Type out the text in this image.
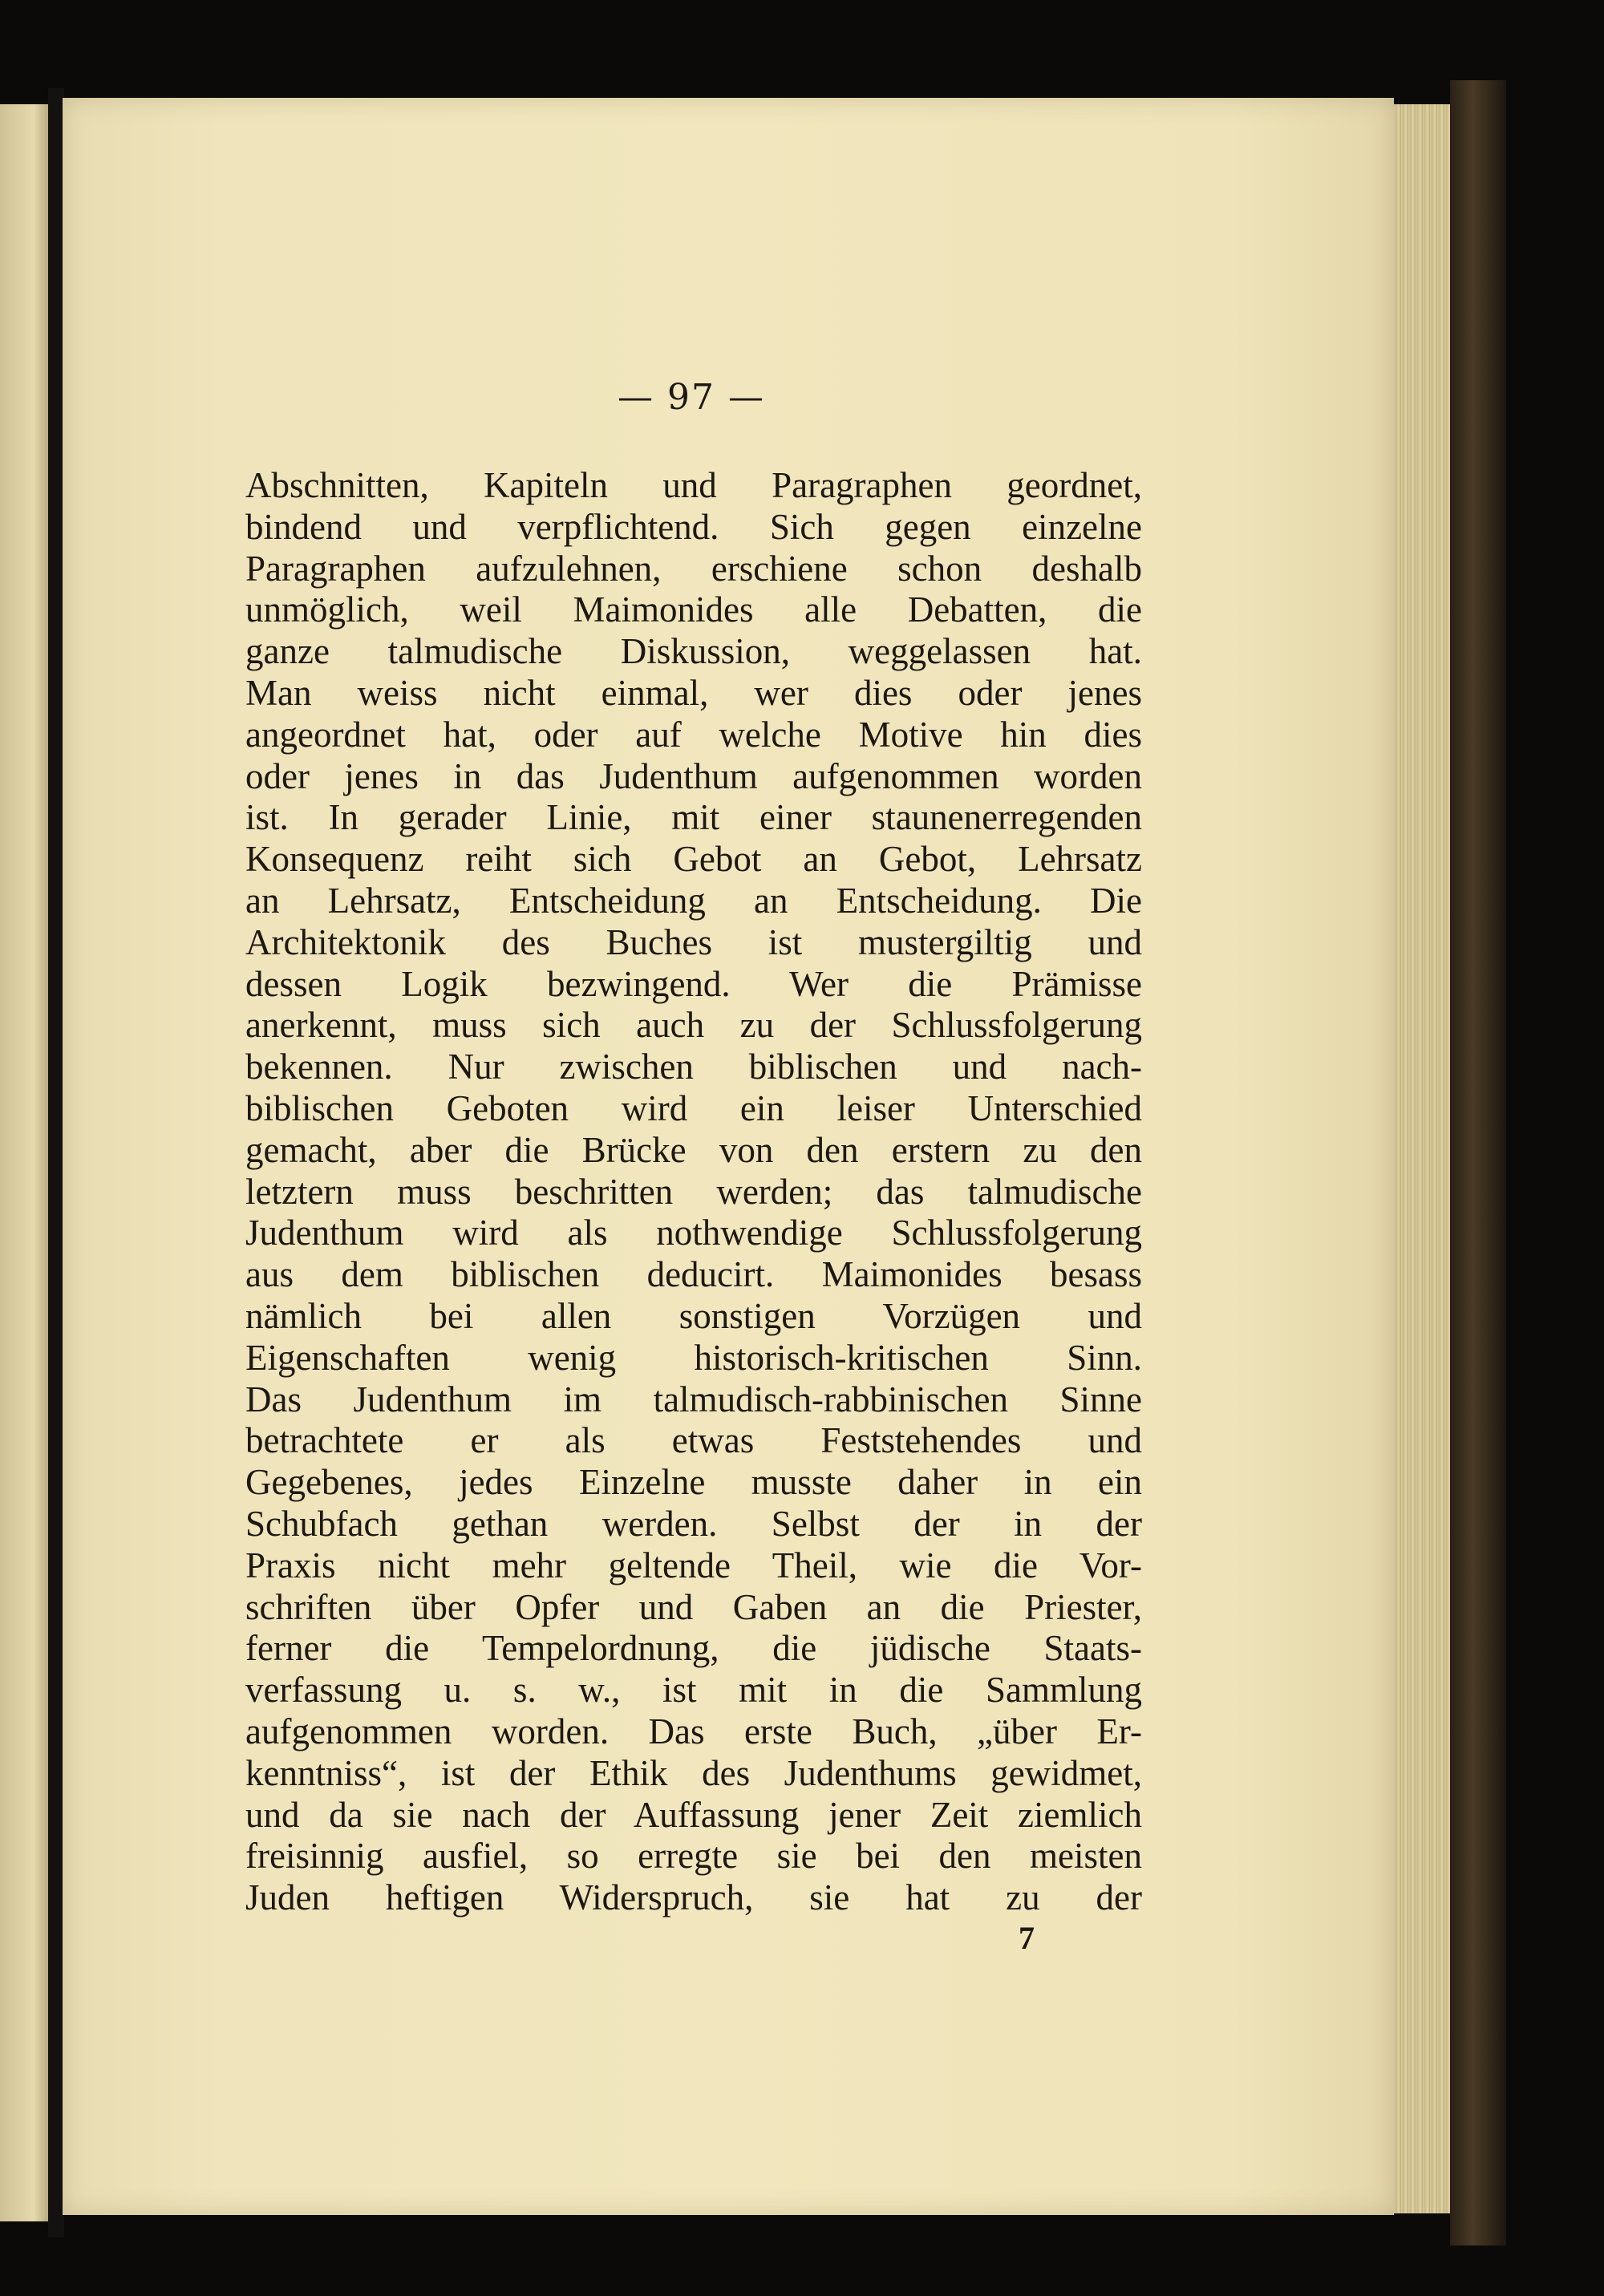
— 97 —
Abschnitten, Kapiteln und Paragraphen geordnet,
bindend und verpflichtend. Sich gegen einzelne
Paragraphen aufzulehnen, erschiene schon deshalb
unmöglich, weil Maimonides alle Debatten, die
ganze talmudische Diskussion, weggelassen hat.
Man weiss nicht einmal, wer dies oder jenes
angeordnet hat, oder auf welche Motive hin dies
oder jenes in das Judenthum aufgenommen worden
ist. In gerader Linie, mit einer staunenerregenden
Konsequenz reiht sich Gebot an Gebot, Lehrsatz
an Lehrsatz, Entscheidung an Entscheidung. Die
Architektonik des Buches ist mustergiltig und
dessen Logik bezwingend. Wer die Prämisse
anerkennt, muss sich auch zu der Schlussfolgerung
bekennen. Nur zwischen biblischen und nach-
biblischen Geboten wird ein leiser Unterschied
gemacht, aber die Brücke von den erstern zu den
letztern muss beschritten werden; das talmudische
Judenthum wird als nothwendige Schlussfolgerung
aus dem biblischen deducirt. Maimonides besass
nämlich bei allen sonstigen Vorzügen und
Eigenschaften wenig historisch-kritischen Sinn.
Das Judenthum im talmudisch-rabbinischen Sinne
betrachtete er als etwas Feststehendes und
Gegebenes, jedes Einzelne musste daher in ein
Schubfach gethan werden. Selbst der in der
Praxis nicht mehr geltende Theil, wie die Vor-
schriften über Opfer und Gaben an die Priester,
ferner die Tempelordnung, die jüdische Staats-
verfassung u. s. w., ist mit in die Sammlung
aufgenommen worden. Das erste Buch, „über Er-
kenntniss“, ist der Ethik des Judenthums gewidmet,
und da sie nach der Auffassung jener Zeit ziemlich
freisinnig ausfiel, so erregte sie bei den meisten
Juden heftigen Widerspruch, sie hat zu der
7
